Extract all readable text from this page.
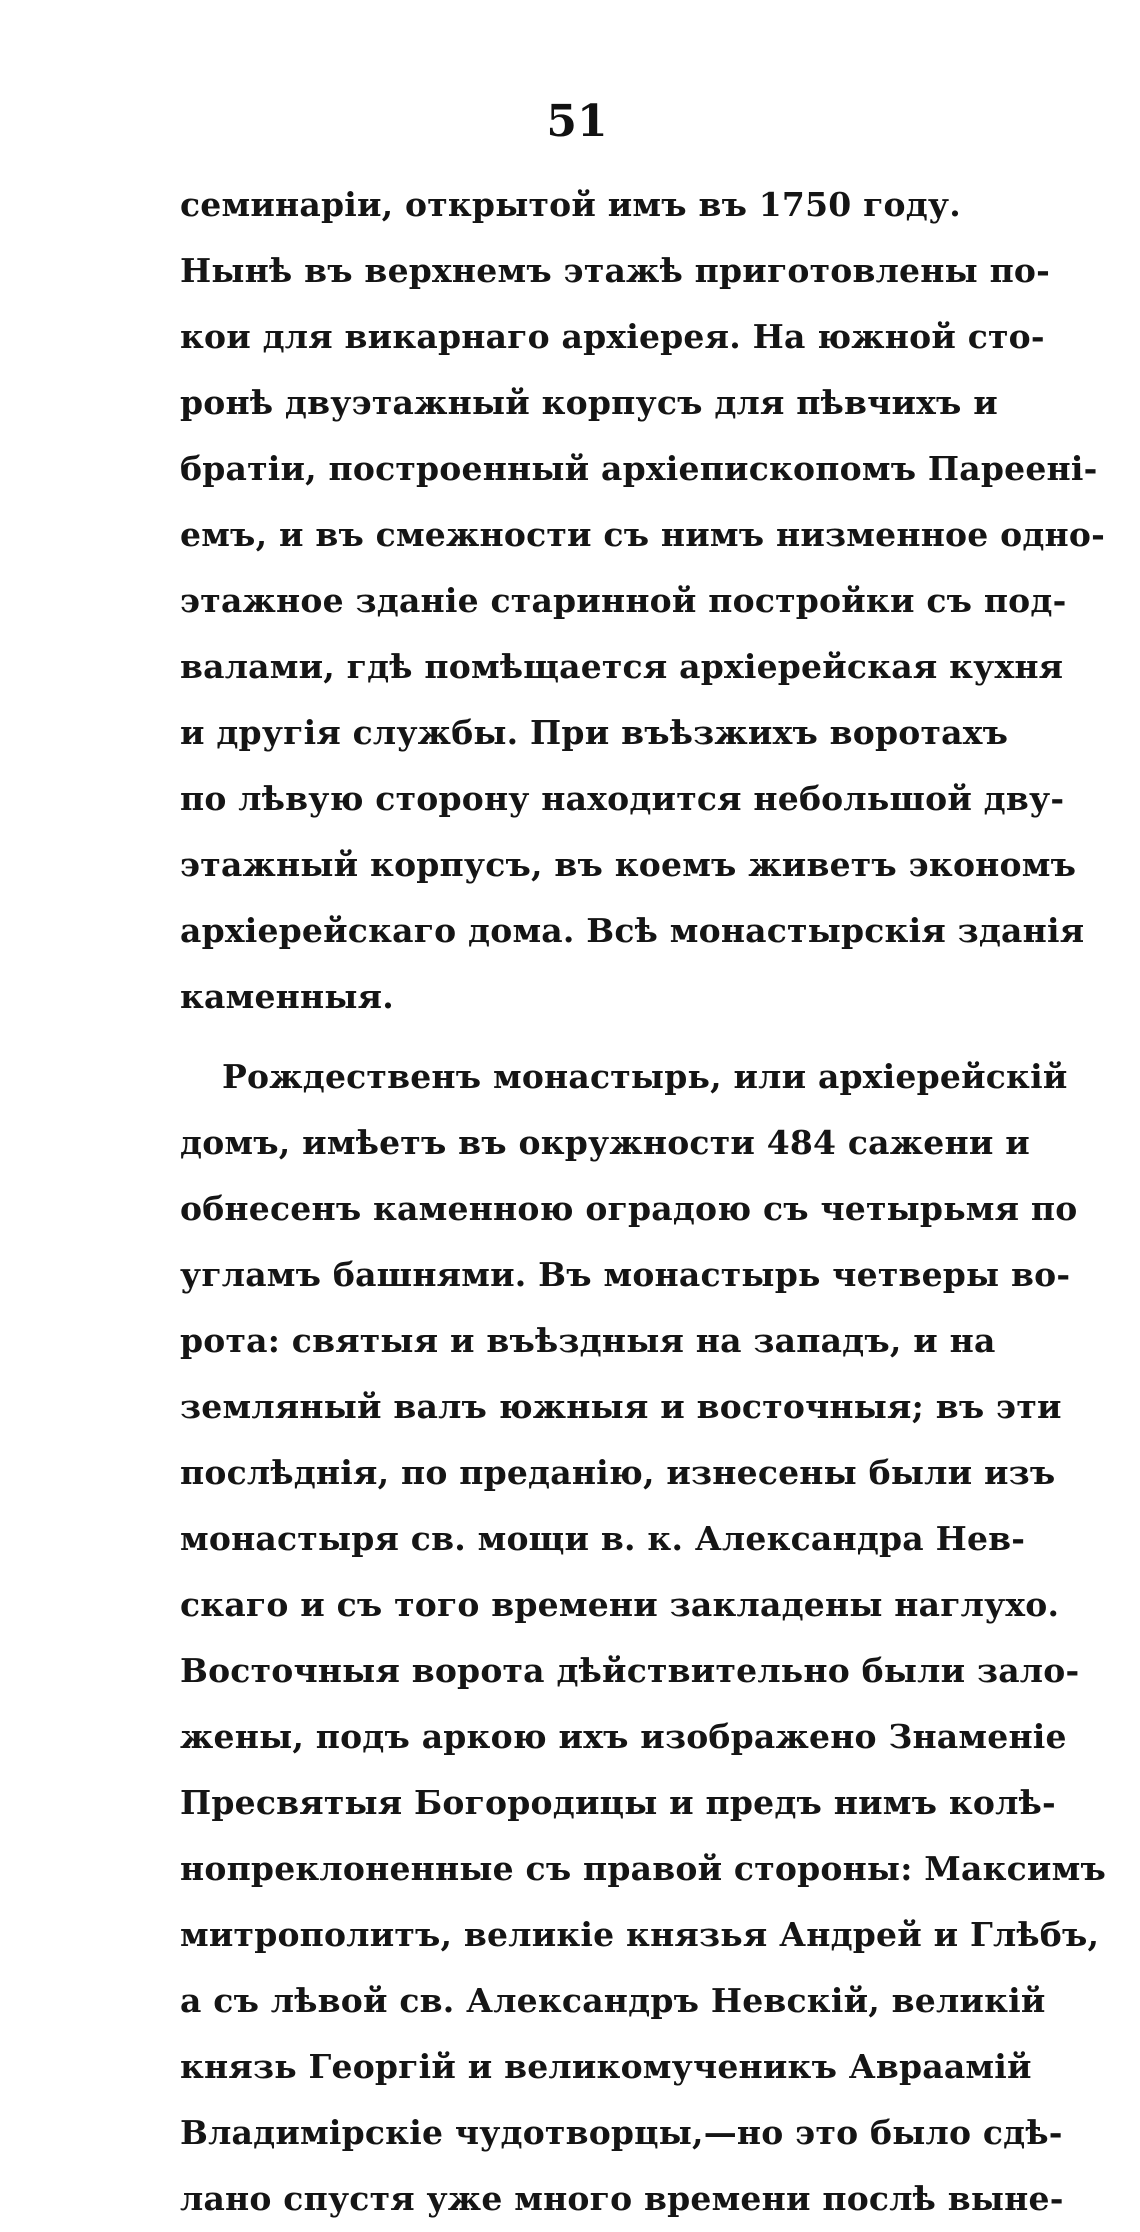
51
семинаріи, открытой имъ въ 1750 году.
Нынѣ въ верхнемъ этажѣ приготовлены по-
кои для викарнаго архіерея. На южной сто-
ронѣ двуэтажный корпусъ для пѣвчихъ и
братіи, построенный архіепископомъ Пареені-
емъ, и въ смежности съ нимъ низменное одно-
этажное зданіе старинной постройки съ под-
валами, гдѣ помѣщается архіерейская кухня
и другія службы. При въѣзжихъ воротахъ
по лѣвую сторону находится небольшой дву-
этажный корпусъ, въ коемъ живетъ экономъ
архіерейскаго дома. Всѣ монастырскія зданія
каменныя.
Рождественъ монастырь, или архіерейскій
домъ, имѣетъ въ окружности 484 сажени и
обнесенъ каменною оградою съ четырьмя по
угламъ башнями. Въ монастырь четверы во-
рота: святыя и въѣздныя на западъ, и на
земляный валъ южныя и восточныя; въ эти
послѣднія, по преданію, изнесены были изъ
монастыря св. мощи в. к. Александра Нев-
скаго и съ того времени закладены наглухо.
Восточныя ворота дѣйствительно были зало-
жены, подъ аркою ихъ изображено Знаменіе
Пресвятыя Богородицы и предъ нимъ колѣ-
нопреклоненные съ правой стороны: Максимъ
митрополитъ, великіе князья Андрей и Глѣбъ,
а съ лѣвой св. Александръ Невскій, великій
князь Георгій и великомученикъ Авраамій
Владимірскіе чудотворцы,—но это было сдѣ-
лано спустя уже много времени послѣ выне-
